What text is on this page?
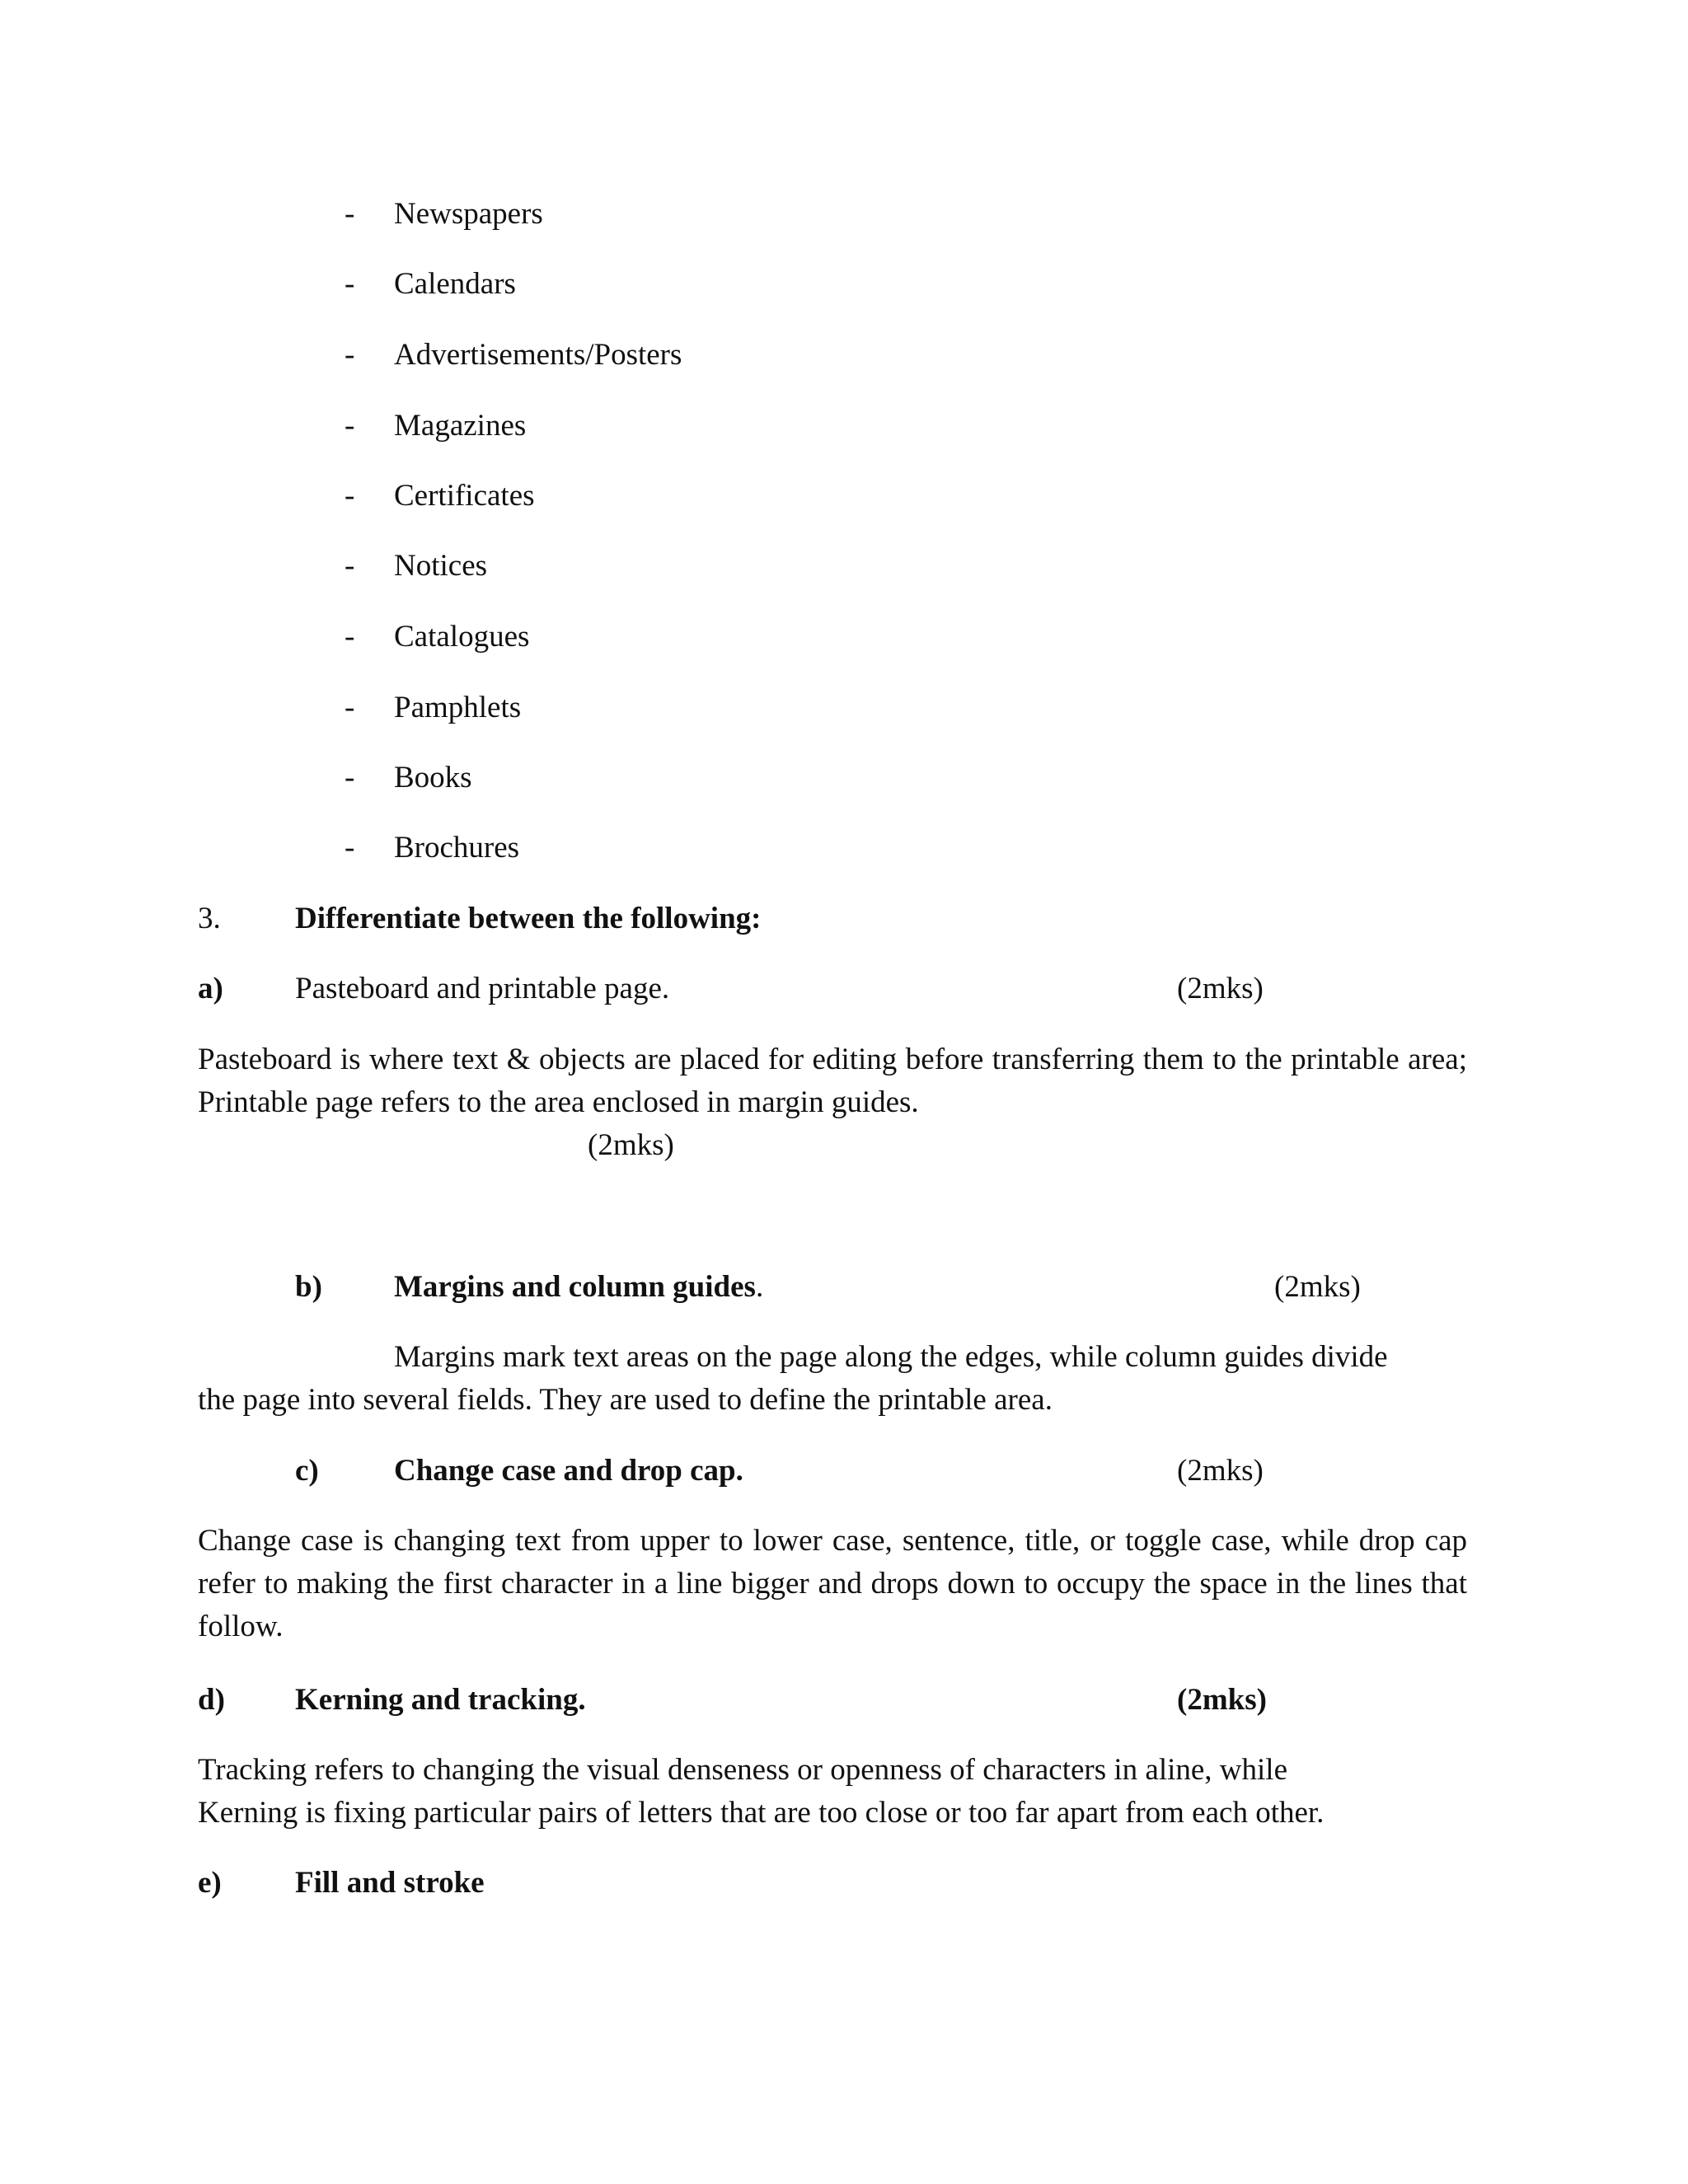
- Newspapers
- Calendars
- Advertisements/Posters
- Magazines
- Certificates
- Notices
- Catalogues
- Pamphlets
- Books
- Brochures
3. Differentiate between the following:
a) Pasteboard and printable page.	(2mks)
Pasteboard is where text & objects are placed for editing before transferring them to the printable area; Printable page refers to the area enclosed in margin guides.
(2mks)
b) Margins and column guides.	(2mks)
Margins mark text areas on the page along the edges, while column guides divide
the page into several fields. They are used to define the printable area.
c) Change case and drop cap.	(2mks)
Change case is changing text from upper to lower case, sentence, title, or toggle case, while drop cap refer to making the first character in a line bigger and drops down to occupy the space in the lines that follow.
d) Kerning and tracking.	(2mks)
Tracking refers to changing the visual denseness or openness of characters in aline, while
Kerning is fixing particular pairs of letters that are too close or too far apart from each other.
e) Fill and stroke
